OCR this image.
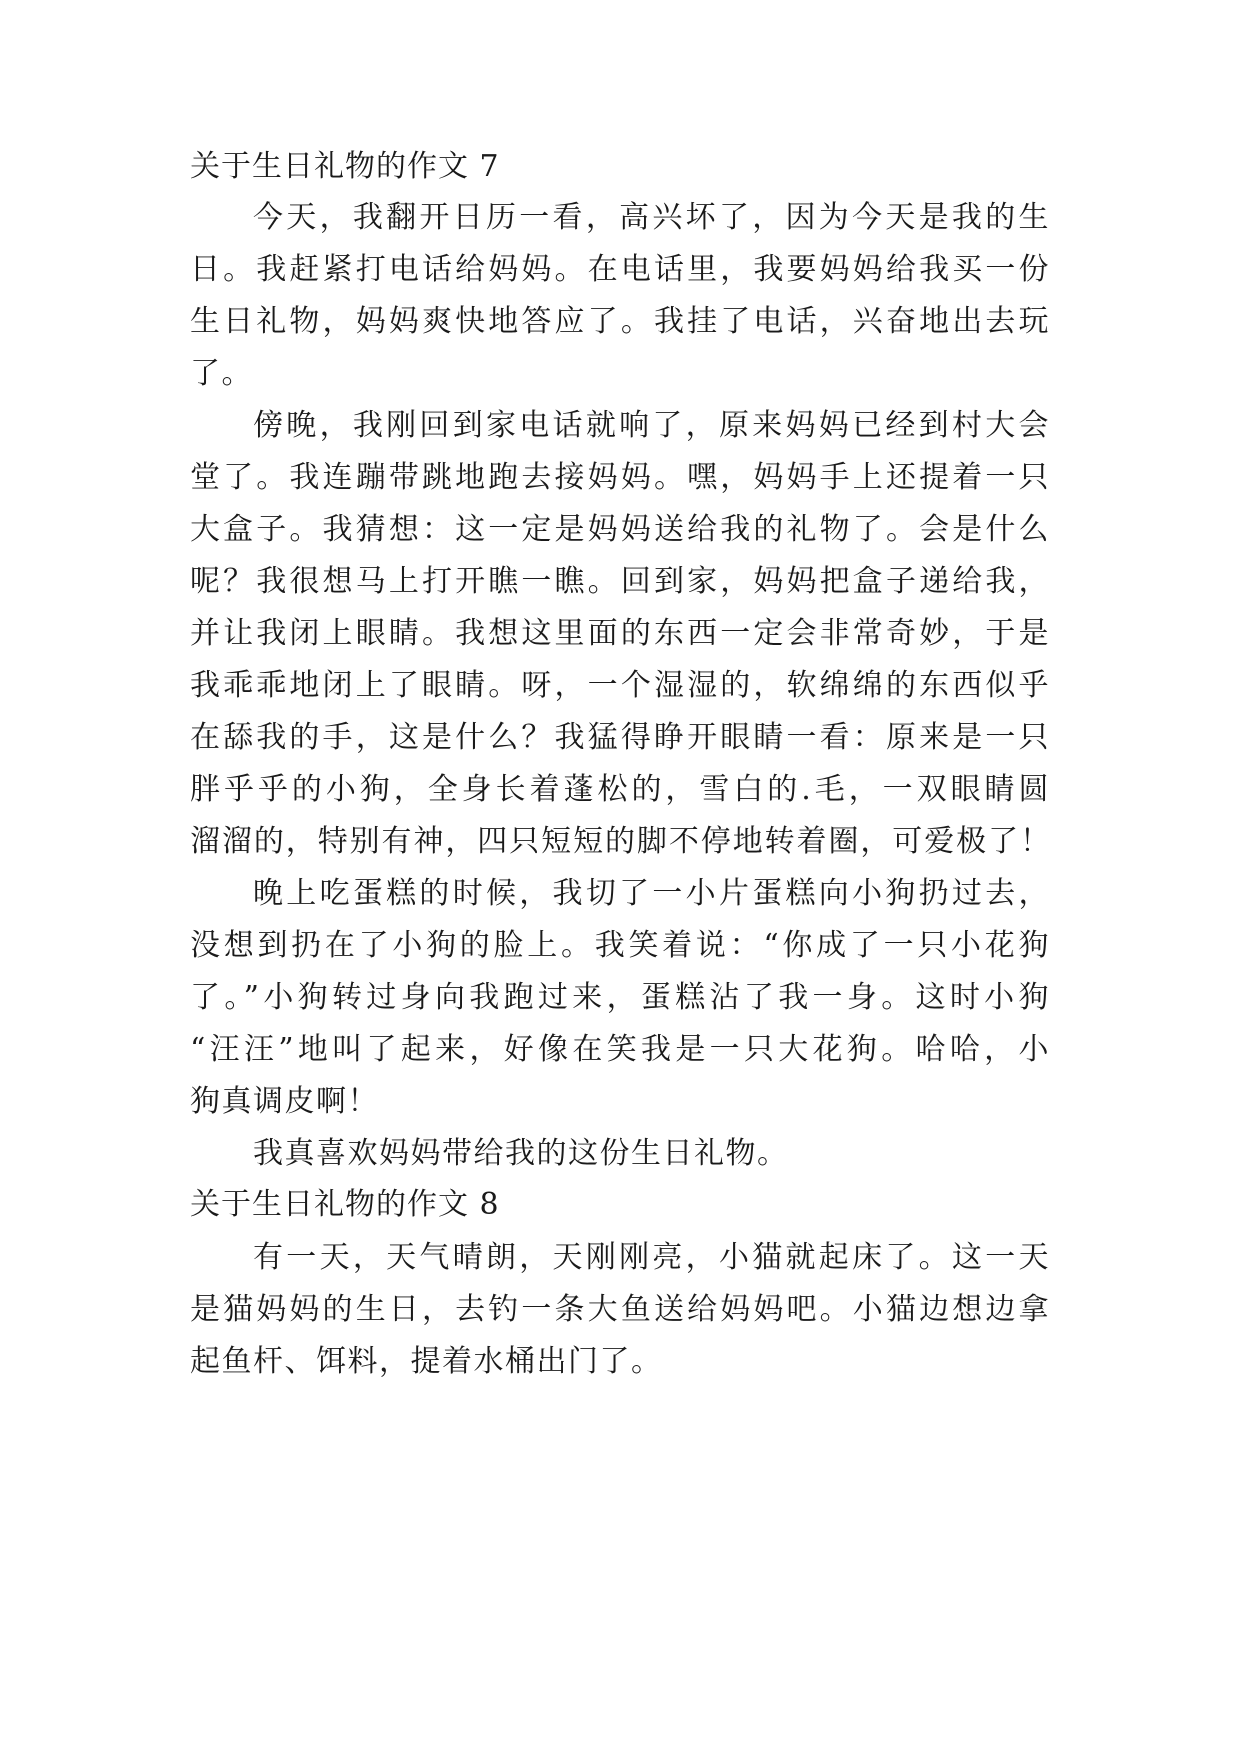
关于生日礼物的作文 7
今天，我翻开日历一看，高兴坏了，因为今天是我的生
日。我赶紧打电话给妈妈。在电话里，我要妈妈给我买一份
生日礼物，妈妈爽快地答应了。我挂了电话，兴奋地出去玩
了。
傍晚，我刚回到家电话就响了，原来妈妈已经到村大会
堂了。我连蹦带跳地跑去接妈妈。嘿，妈妈手上还提着一只
大盒子。我猜想：这一定是妈妈送给我的礼物了。会是什么
呢？我很想马上打开瞧一瞧。回到家，妈妈把盒子递给我，
并让我闭上眼睛。我想这里面的东西一定会非常奇妙，于是
我乖乖地闭上了眼睛。呀，一个湿湿的，软绵绵的东西似乎
在舔我的手，这是什么？我猛得睁开眼睛一看：原来是一只
胖乎乎的小狗，全身长着蓬松的，雪白的.毛，一双眼睛圆
溜溜的，特别有神，四只短短的脚不停地转着圈，可爱极了！
晚上吃蛋糕的时候，我切了一小片蛋糕向小狗扔过去，
没想到扔在了小狗的脸上。我笑着说：“你成了一只小花狗
了。”小狗转过身向我跑过来，蛋糕沾了我一身。这时小狗
“汪汪”地叫了起来，好像在笑我是一只大花狗。哈哈，小
狗真调皮啊！
我真喜欢妈妈带给我的这份生日礼物。
关于生日礼物的作文 8
有一天，天气晴朗，天刚刚亮，小猫就起床了。这一天
是猫妈妈的生日，去钓一条大鱼送给妈妈吧。小猫边想边拿
起鱼杆、饵料，提着水桶出门了。
